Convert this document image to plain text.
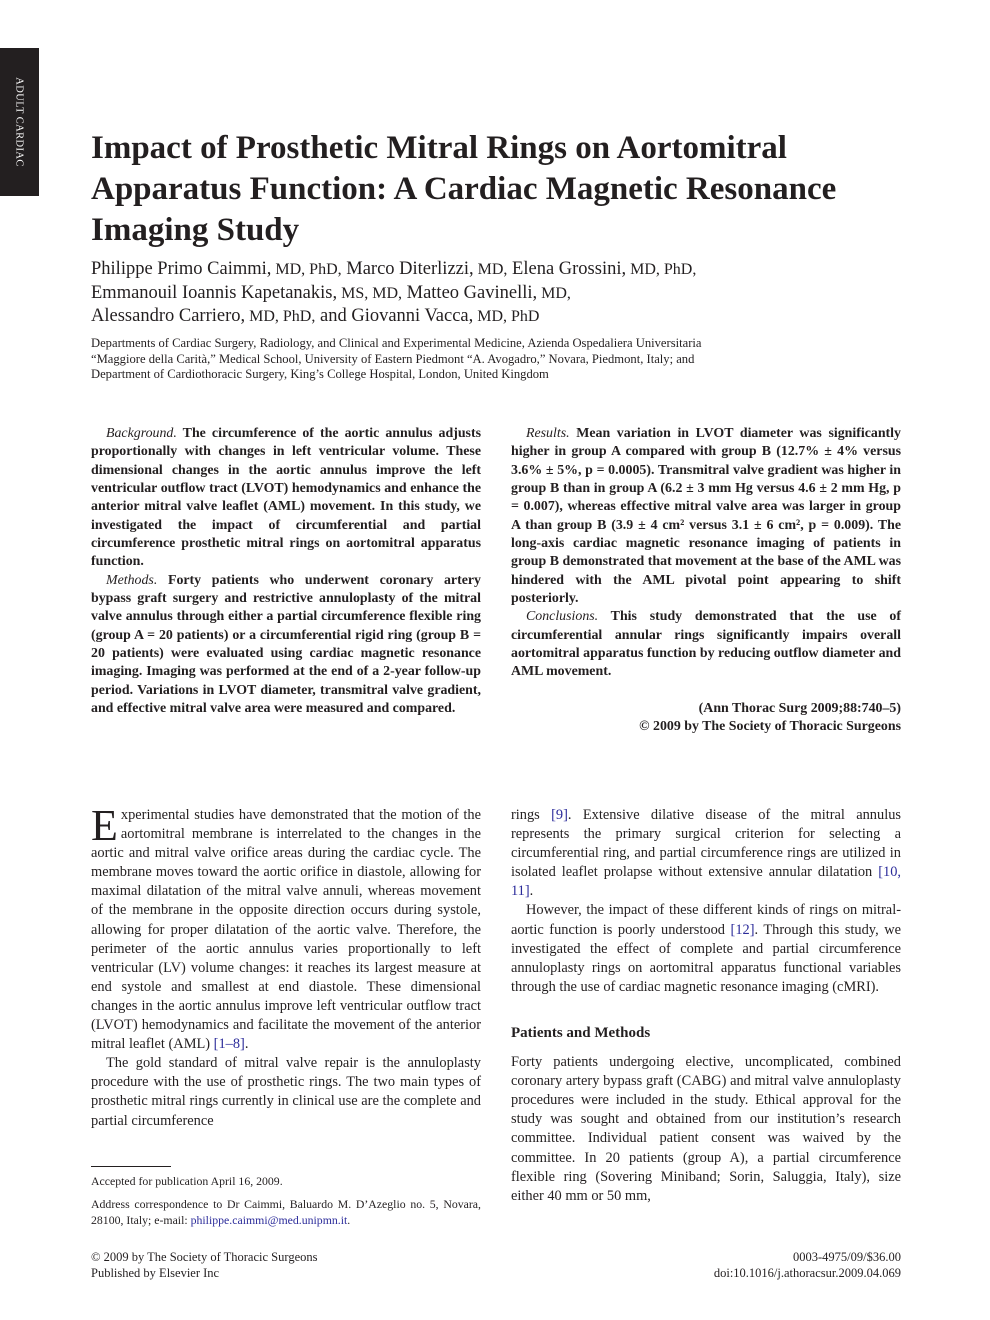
ADULT CARDIAC Impact of Prosthetic Mitral Rings on Aortomitral Apparatus Function: A Cardiac Magnetic Resonance Imaging Study
Philippe Primo Caimmi, MD, PhD, Marco Diterlizzi, MD, Elena Grossini, MD, PhD,
Emmanouil Ioannis Kapetanakis, MS, MD, Matteo Gavinelli, MD,
Alessandro Carriero, MD, PhD, and Giovanni Vacca, MD, PhD
Departments of Cardiac Surgery, Radiology, and Clinical and Experimental Medicine, Azienda Ospedaliera Universitaria
“Maggiore della Carità,” Medical School, University of Eastern Piedmont “A. Avogadro,” Novara, Piedmont, Italy; and
Department of Cardiothoracic Surgery, King’s College Hospital, London, United Kingdom

Background. The circumference of the aortic annulus adjusts proportionally with changes in left ventricular volume. These dimensional changes in the aortic annulus improve the left ventricular outflow tract (LVOT) hemodynamics and enhance the anterior mitral valve leaflet (AML) movement. In this study, we investigated the impact of circumferential and partial circumference prosthetic mitral rings on aortomitral apparatus function.

Methods. Forty patients who underwent coronary artery bypass graft surgery and restrictive annuloplasty of the mitral valve annulus through either a partial circumference flexible ring (group A = 20 patients) or a circumferential rigid ring (group B = 20 patients) were evaluated using cardiac magnetic resonance imaging. Imaging was performed at the end of a 2-year follow-up period. Variations in LVOT diameter, transmitral valve gradient, and effective mitral valve area were measured and compared.

Results. Mean variation in LVOT diameter was significantly higher in group A compared with group B (12.7% ± 4% versus 3.6% ± 5%, p = 0.0005). Transmitral valve gradient was higher in group B than in group A (6.2 ± 3 mm Hg versus 4.6 ± 2 mm Hg, p = 0.007), whereas effective mitral valve area was larger in group A than group B (3.9 ± 4 cm² versus 3.1 ± 6 cm², p = 0.009). The long-axis cardiac magnetic resonance imaging of patients in group B demonstrated that movement at the base of the AML was hindered with the AML pivotal point appearing to shift posteriorly.

Conclusions. This study demonstrated that the use of circumferential annular rings significantly impairs overall aortomitral apparatus function by reducing outflow diameter and AML movement.

(Ann Thorac Surg 2009;88:740–5)
© 2009 by The Society of Thoracic Surgeons

Experimental studies have demonstrated that the motion of the aortomitral membrane is interrelated to the changes in the aortic and mitral valve orifice areas during the cardiac cycle. The membrane moves toward the aortic orifice in diastole, allowing for maximal dilatation of the mitral valve annuli, whereas movement of the membrane in the opposite direction occurs during systole, allowing for proper dilatation of the aortic valve. Therefore, the perimeter of the aortic annulus varies proportionally to left ventricular (LV) volume changes: it reaches its largest measure at end systole and smallest at end diastole. These dimensional changes in the aortic annulus improve left ventricular outflow tract (LVOT) hemodynamics and facilitate the movement of the anterior mitral leaflet (AML) [1–8].

The gold standard of mitral valve repair is the annuloplasty procedure with the use of prosthetic rings. The two main types of prosthetic mitral rings currently in clinical use are the complete and partial circumference

rings [9]. Extensive dilative disease of the mitral annulus represents the primary surgical criterion for selecting a circumferential ring, and partial circumference rings are utilized in isolated leaflet prolapse without extensive annular dilatation [10, 11].

However, the impact of these different kinds of rings on mitral-aortic function is poorly understood [12]. Through this study, we investigated the effect of complete and partial circumference annuloplasty rings on aortomitral apparatus functional variables through the use of cardiac magnetic resonance imaging (cMRI).

Patients and Methods

Forty patients undergoing elective, uncomplicated, combined coronary artery bypass graft (CABG) and mitral valve annuloplasty procedures were included in the study. Ethical approval for the study was sought and obtained from our institution’s research committee. Individual patient consent was waived by the committee. In 20 patients (group A), a partial circumference flexible ring (Sovering Miniband; Sorin, Saluggia, Italy), size either 40 mm or 50 mm,

Accepted for publication April 16, 2009.

Address correspondence to Dr Caimmi, Baluardo M. D’Azeglio no. 5, Novara, 28100, Italy; e-mail: philippe.caimmi@med.unipmn.it.

© 2009 by The Society of Thoracic Surgeons
Published by Elsevier Inc
0003-4975/09/$36.00
doi:10.1016/j.athoracsur.2009.04.069
